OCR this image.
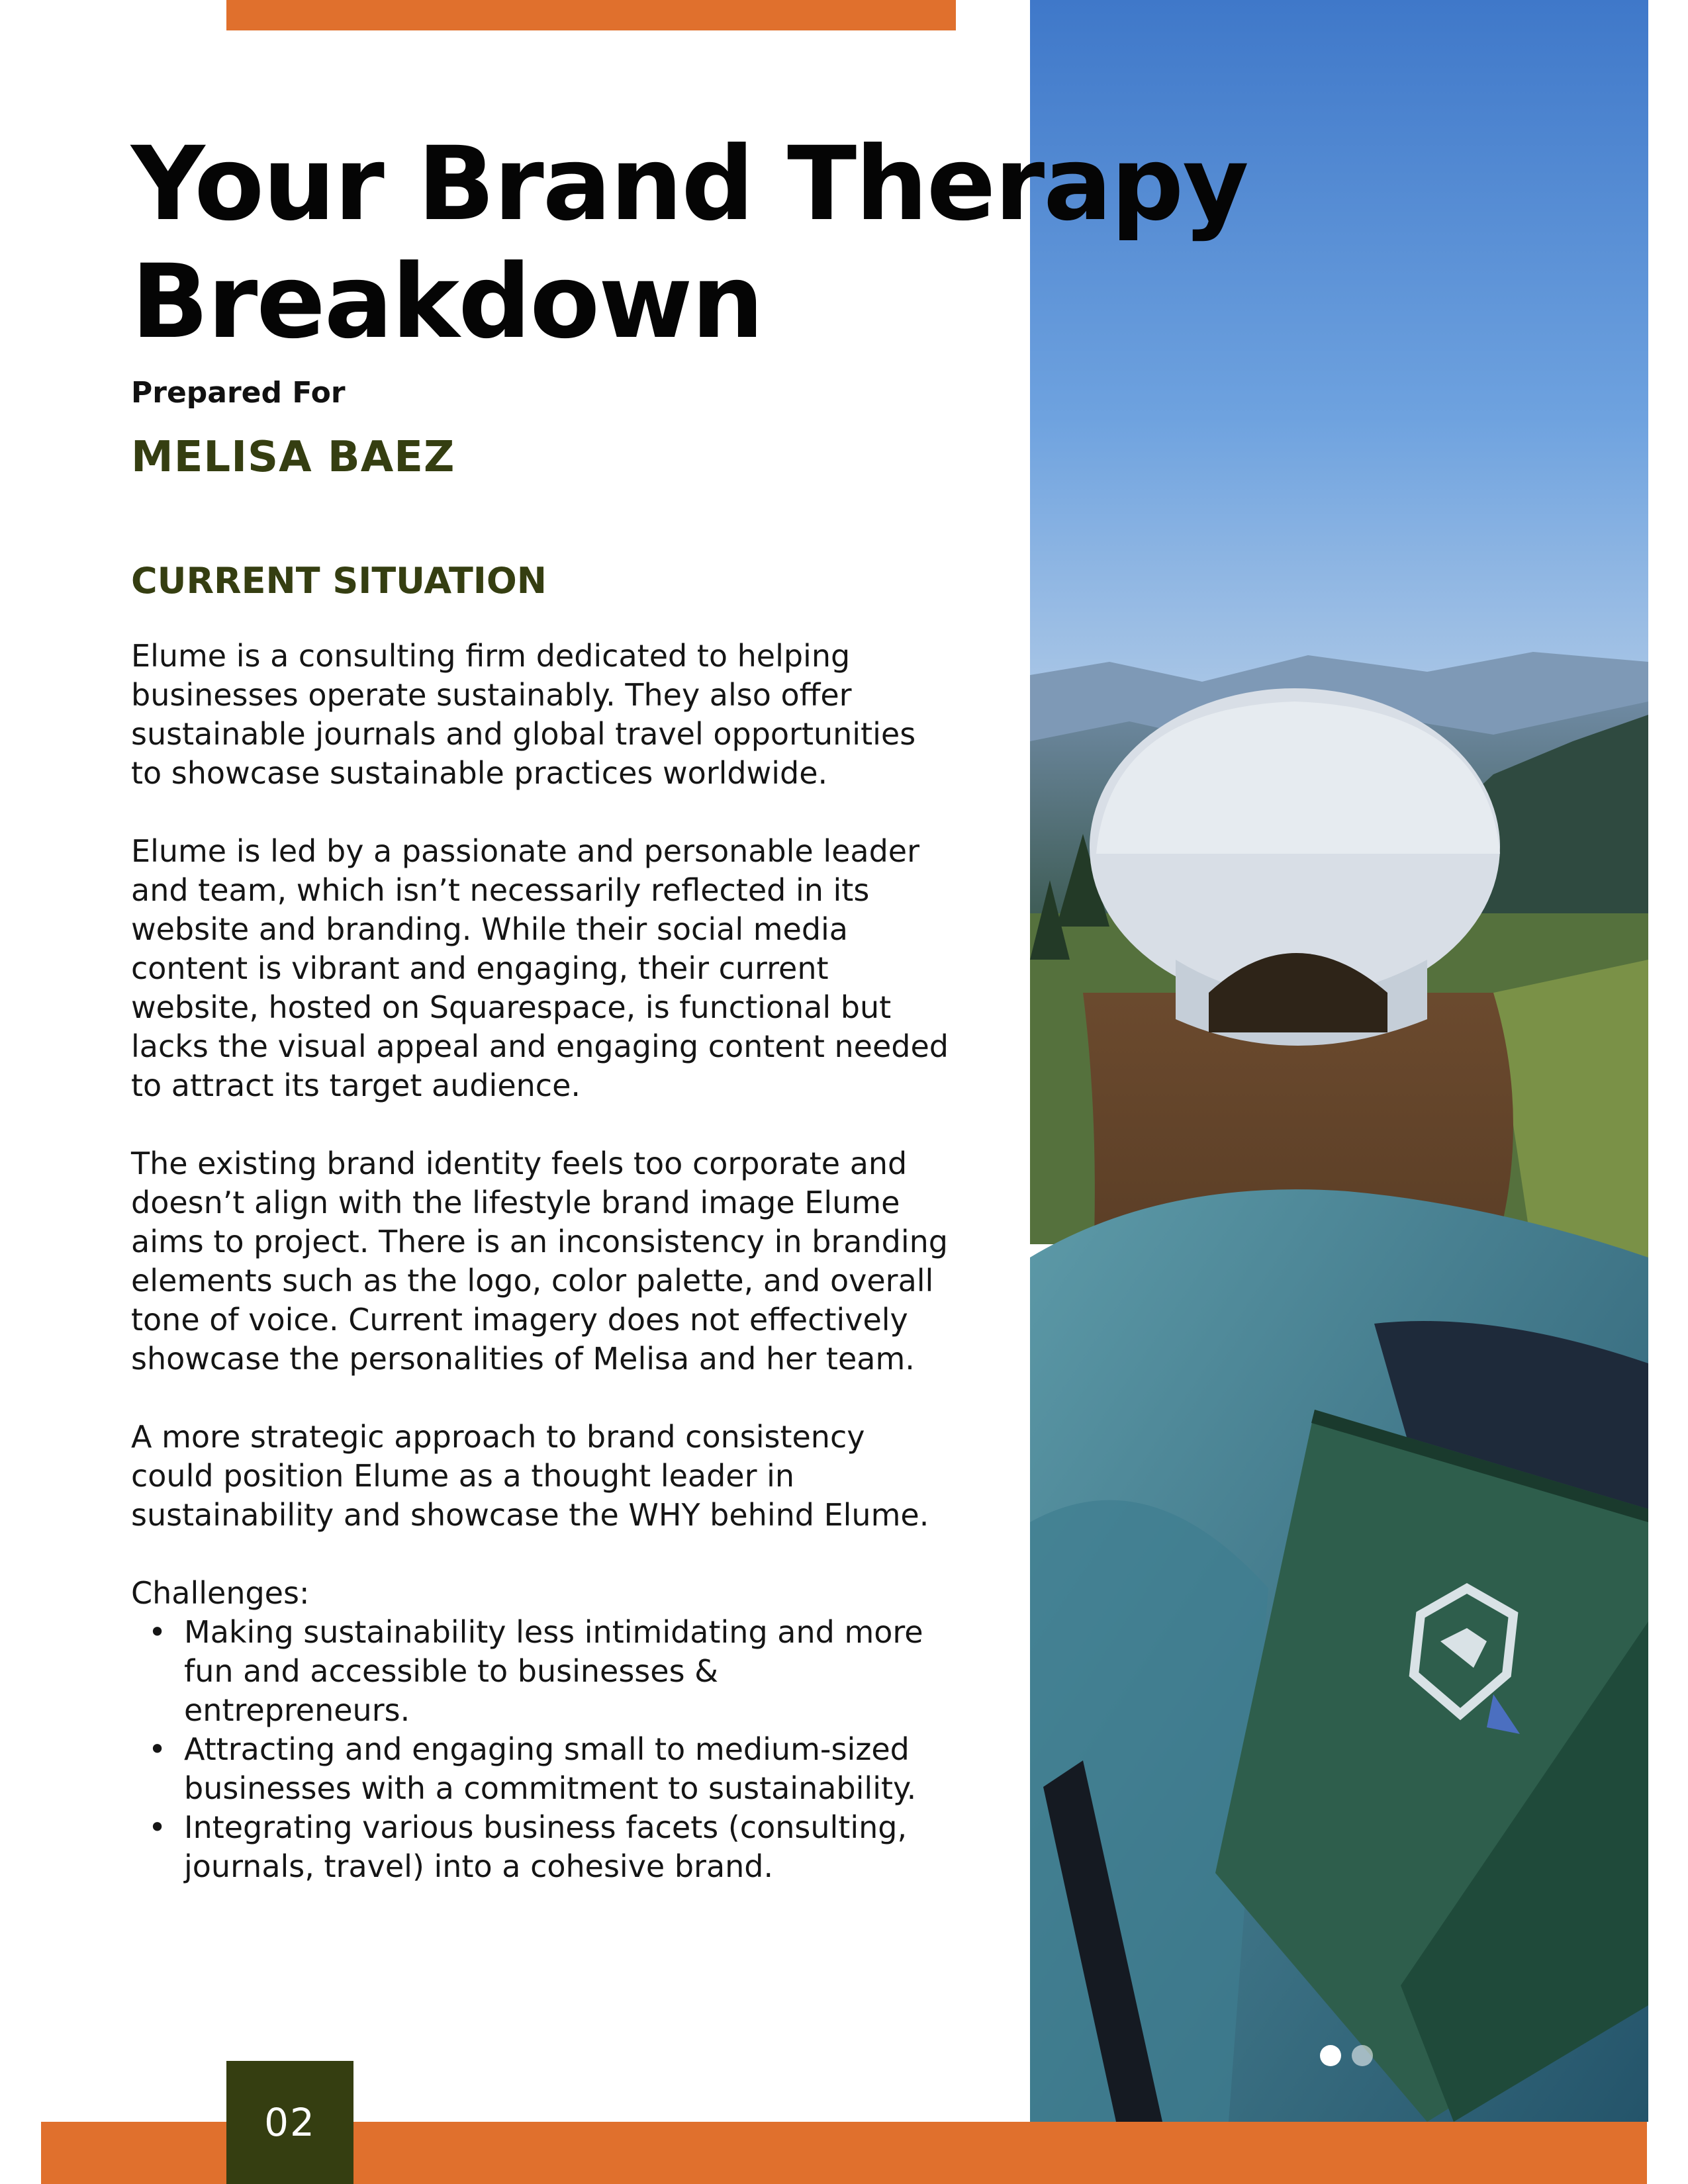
Your Brand Therapy
Breakdown
Prepared For
MELISA BAEZ
CURRENT SITUATION

Elume is a consulting firm dedicated to helping businesses operate sustainably. They also offer sustainable journals and global travel opportunities to showcase sustainable practices worldwide.

Elume is led by a passionate and personable leader and team, which isn’t necessarily reflected in its website and branding. While their social media content is vibrant and engaging, their current website, hosted on Squarespace, is functional but lacks the visual appeal and engaging content needed to attract its target audience.

The existing brand identity feels too corporate and doesn’t align with the lifestyle brand image Elume aims to project. There is an inconsistency in branding elements such as the logo, color palette, and overall tone of voice. Current imagery does not effectively showcase the personalities of Melisa and her team.

A more strategic approach to brand consistency could position Elume as a thought leader in sustainability and showcase the WHY behind Elume.

Challenges:

• Making sustainability less intimidating and more fun and accessible to businesses & entrepreneurs.
• Attracting and engaging small to medium-sized businesses with a commitment to sustainability.
• Integrating various business facets (consulting, journals, travel) into a cohesive brand.
02
